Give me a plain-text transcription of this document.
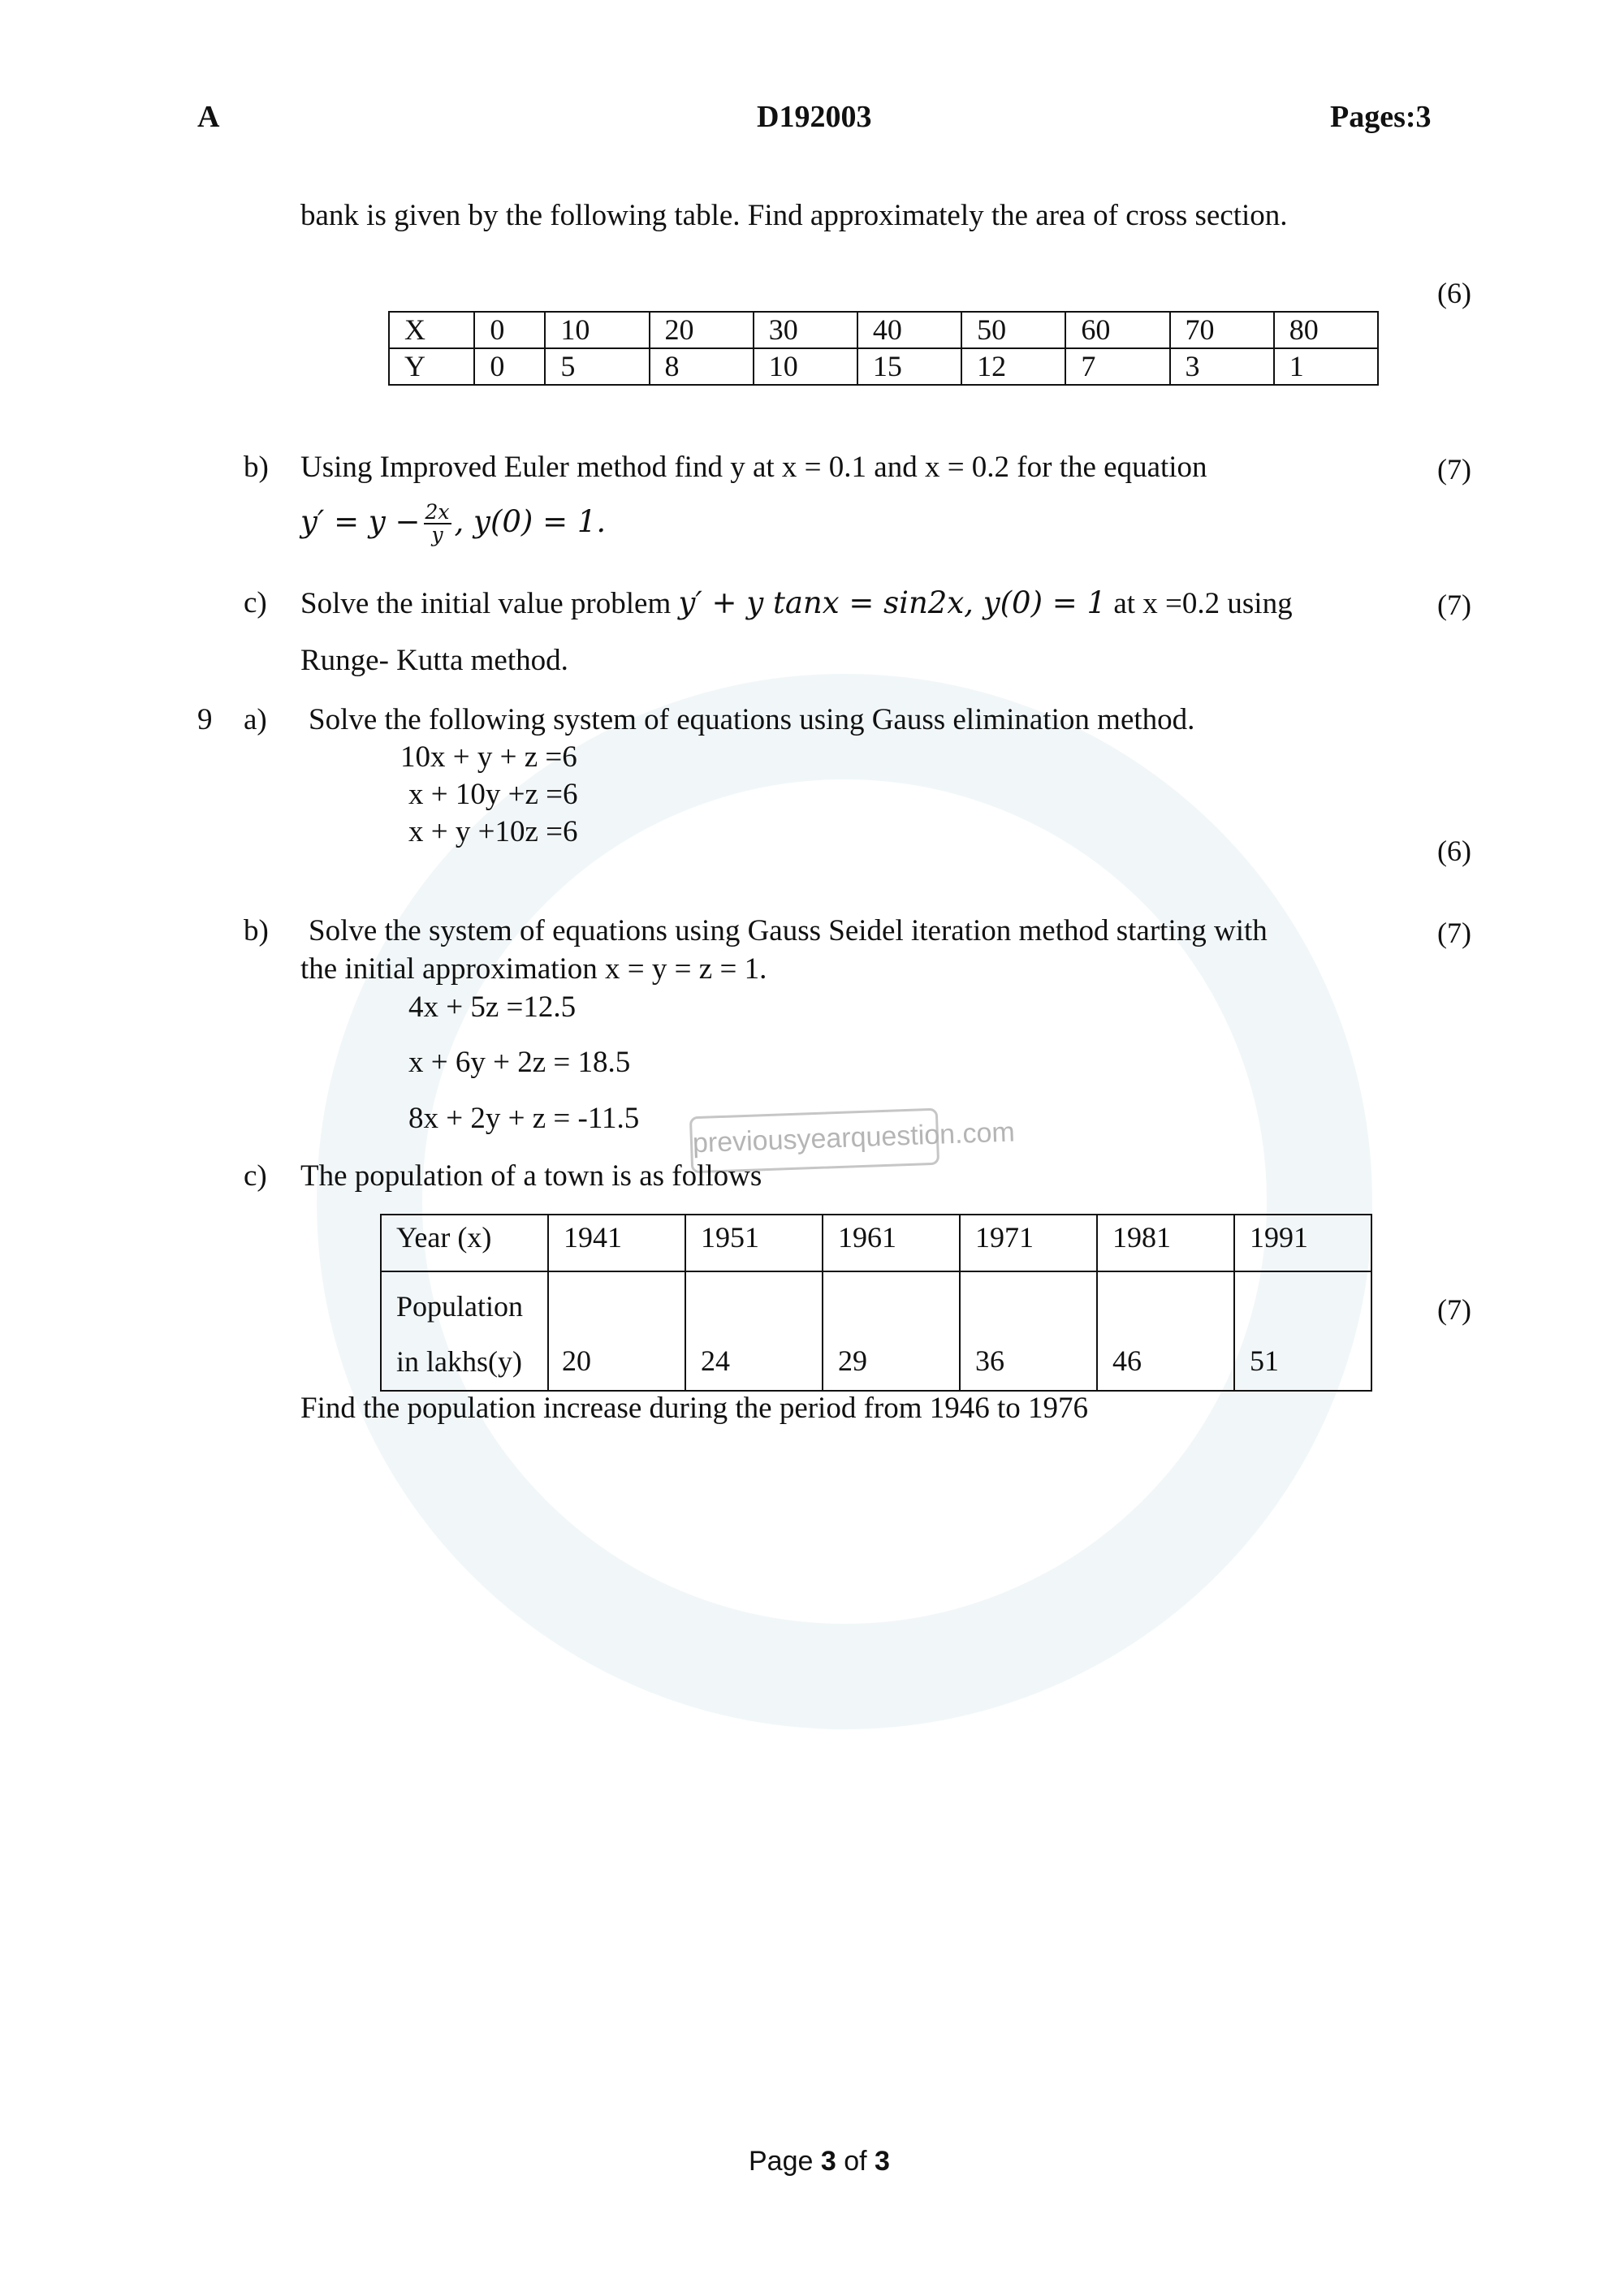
A	D192003	Pages:3
bank is given by the following table. Find approximately the area of cross section.
(6)
X	0	10	20	30	40	50	60	70	80
Y	0	5	8	10	15	12	7	3	1
b) Using Improved Euler method find y at x = 0.1 and x = 0.2 for the equation	(7)
$y' = y - \frac{2x}{y}$ , y(0) = 1.
c) Solve the initial value problem y′ + y tanx = sin2x, y(0) = 1 at x =0.2 using	(7)
Runge- Kutta method.
9 a) Solve the following system of equations using Gauss elimination method.
10x + y + z =6
x + 10y +z =6
x + y +10z =6
(6)
b) Solve the system of equations using Gauss Seidel iteration method starting with	(7)
the initial approximation x = y = z = 1.
4x + 5z =12.5
x + 6y + 2z = 18.5
8x + 2y + z = -11.5 previousyearquestion.com
c) The population of a town is as follows
Year (x)	1941	1951	1961	1971	1981	1991

Population
in lakhs(y)	20	24	29	36	46	51
(7)
Find the population increase during the period from 1946 to 1976
Page 3 of 3
